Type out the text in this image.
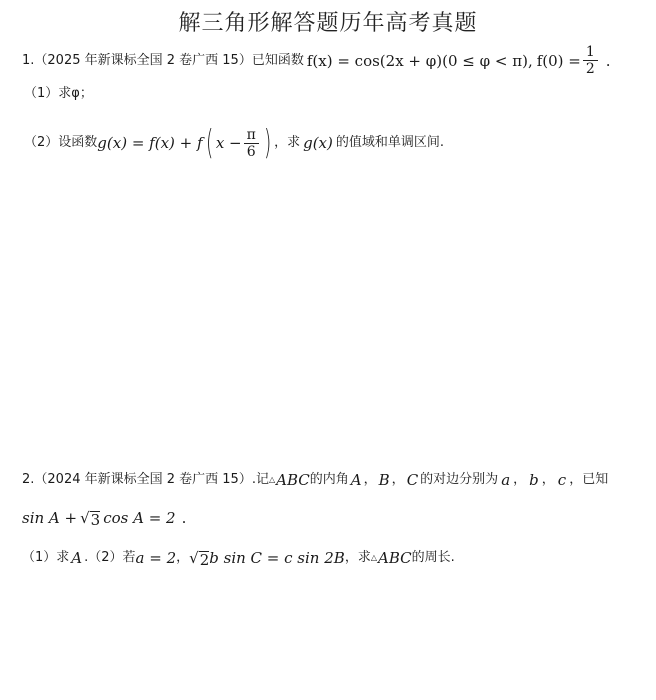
解三角形解答题历年高考真题
1. （2025 年新课标全国 2 卷广西 15） 已知函数 f(x) = cos(2x + φ)(0 ≤ φ < π), $f(0) = \frac{1}{2}$ .
（1） 求φ；
（2） 设函数 g(x) = f(x) + f ( $x - \frac{\pi}{6}$ ) ，求 g(x) 的值域和单调区间.
2. （2024 年新课标全国 2 卷广西 15） .记 △ ABC 的内角 A ， B ， C 的对边分别为 a ， b ， c ，已知
sin A + √ 3 cos A = 2 .
（1）求 A . （2）若 a = 2 ， √ 2 b sin C = c sin 2B ，求 △ ABC 的周长.
